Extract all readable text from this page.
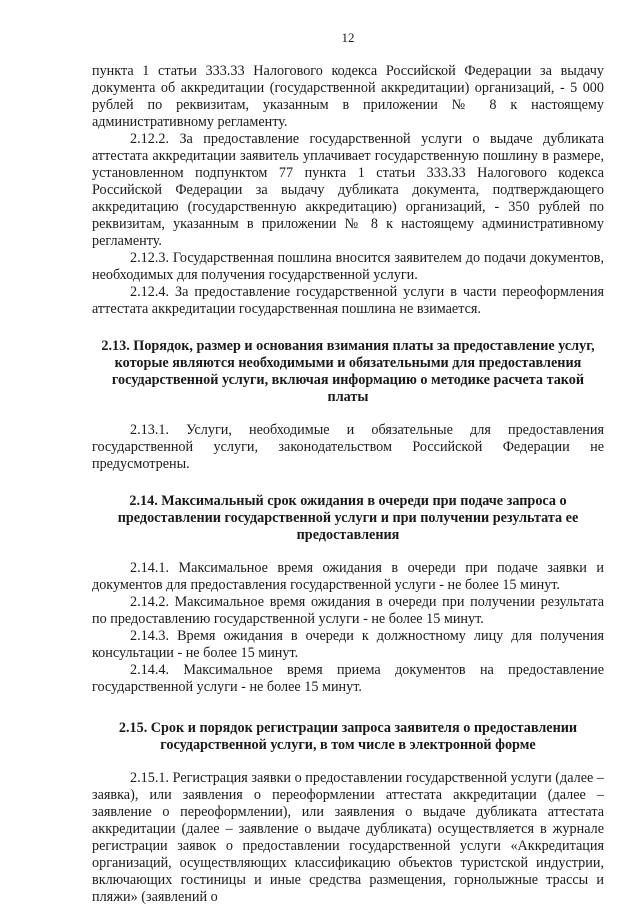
12

пункта 1 статьи 333.33 Налогового кодекса Российской Федерации за выдачу документа об аккредитации (государственной аккредитации) организаций, - 5 000 рублей по реквизитам, указанным в приложении № 8 к настоящему административному регламенту.

2.12.2. За предоставление государственной услуги о выдаче дубликата аттестата аккредитации заявитель уплачивает государственную пошлину в размере, установленном подпунктом 77 пункта 1 статьи 333.33 Налогового кодекса Российской Федерации за выдачу дубликата документа, подтверждающего аккредитацию (государственную аккредитацию) организаций, - 350 рублей по реквизитам, указанным в приложении № 8 к настоящему административному регламенту.

2.12.3. Государственная пошлина вносится заявителем до подачи документов, необходимых для получения государственной услуги.

2.12.4. За предоставление государственной услуги в части переоформления аттестата аккредитации государственная пошлина не взимается.

2.13. Порядок, размер и основания взимания платы за предоставление услуг, которые являются необходимыми и обязательными для предоставления государственной услуги, включая информацию о методике расчета такой платы

2.13.1. Услуги, необходимые и обязательные для предоставления государственной услуги, законодательством Российской Федерации не предусмотрены.

2.14. Максимальный срок ожидания в очереди при подаче запроса о предоставлении государственной услуги и при получении результата ее предоставления

2.14.1. Максимальное время ожидания в очереди при подаче заявки и документов для предоставления государственной услуги - не более 15 минут.

2.14.2. Максимальное время ожидания в очереди при получении результата по предоставлению государственной услуги - не более 15 минут.

2.14.3. Время ожидания в очереди к должностному лицу для получения консультации - не более 15 минут.

2.14.4. Максимальное время приема документов на предоставление государственной услуги - не более 15 минут.

2.15. Срок и порядок регистрации запроса заявителя о предоставлении государственной услуги, в том числе в электронной форме

2.15.1. Регистрация заявки о предоставлении государственной услуги (далее – заявка), или заявления о переоформлении аттестата аккредитации (далее – заявление о переоформлении), или заявления о выдаче дубликата аттестата аккредитации (далее – заявление о выдаче дубликата) осуществляется в журнале регистрации заявок о предоставлении государственной услуги «Аккредитация организаций, осуществляющих классификацию объектов туристской индустрии, включающих гостиницы и иные средства размещения, горнолыжные трассы и пляжи» (заявлений о
